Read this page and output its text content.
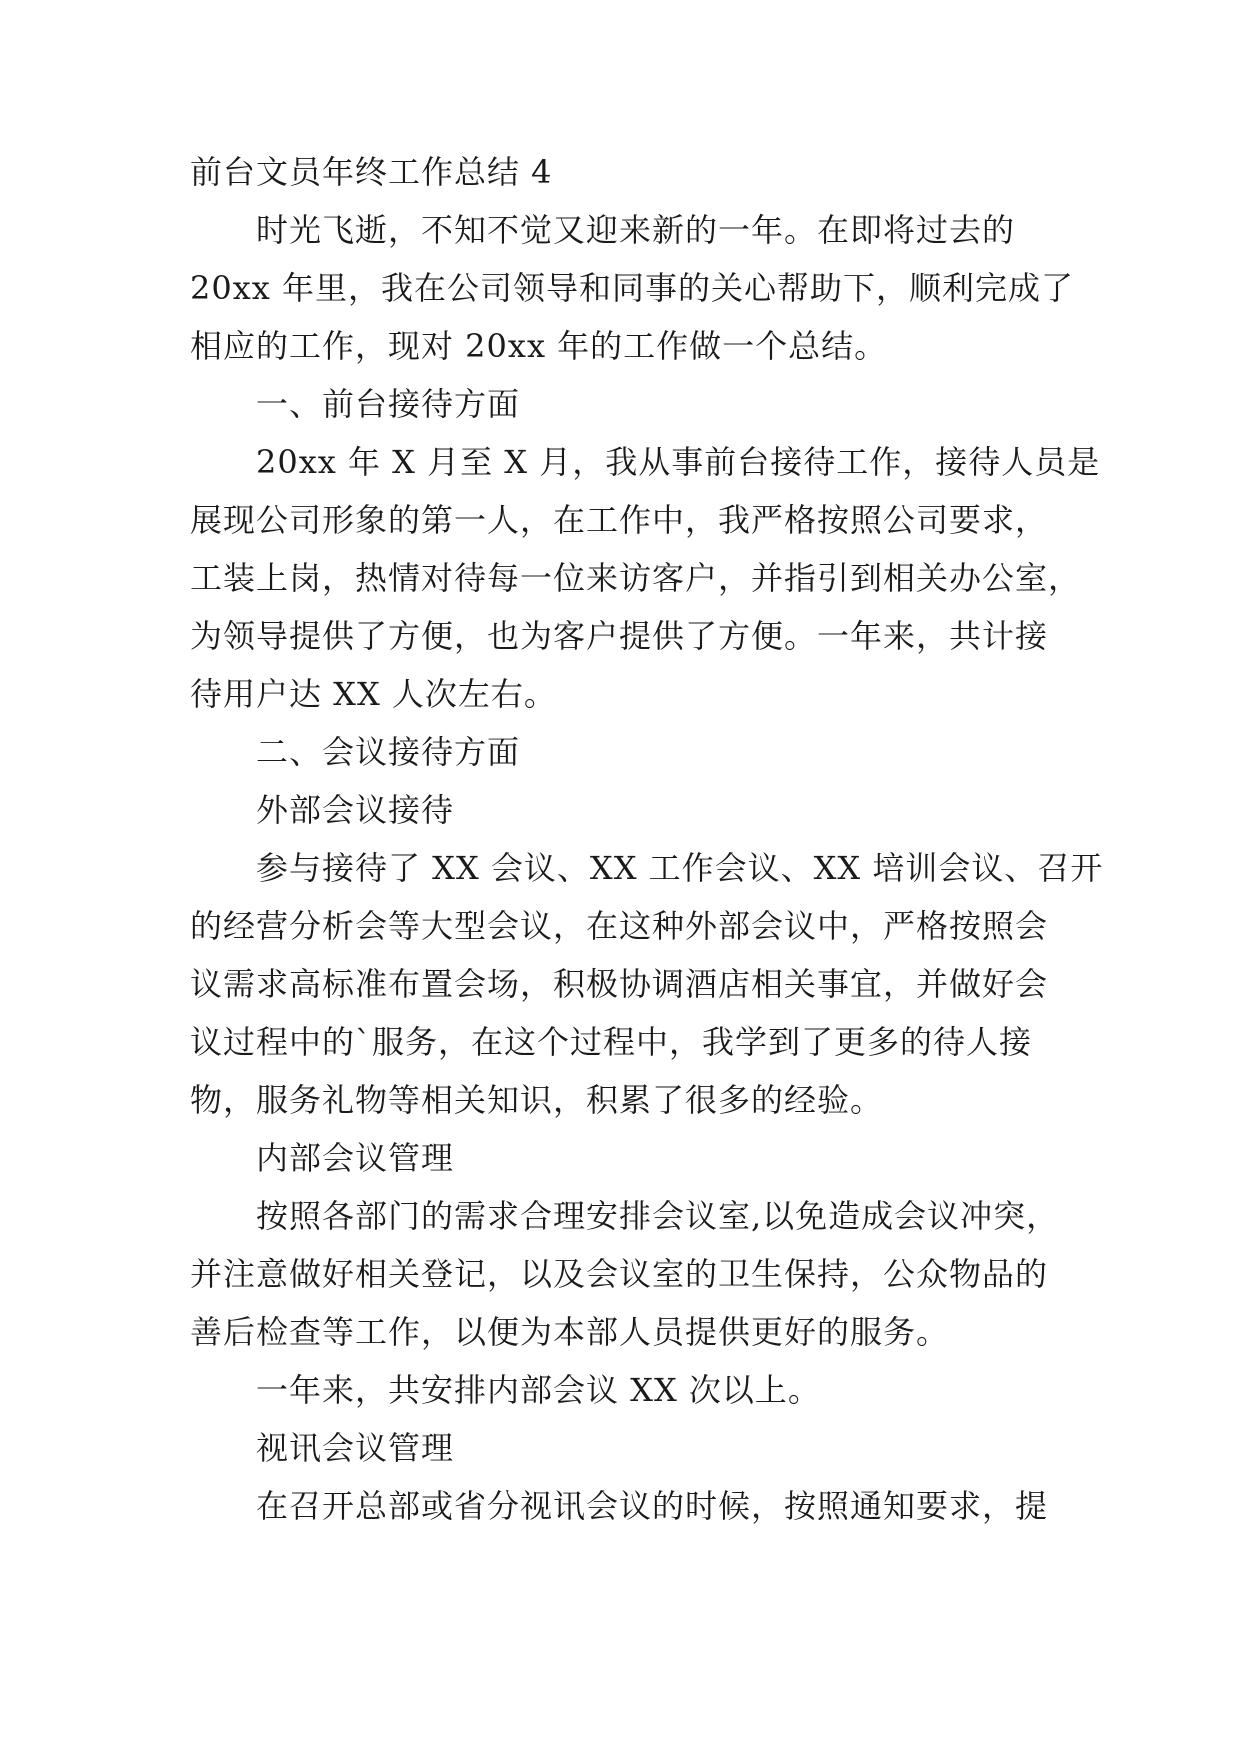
前台文员年终工作总结 4
时光飞逝，不知不觉又迎来新的一年。在即将过去的
20xx 年里，我在公司领导和同事的关心帮助下，顺利完成了
相应的工作，现对 20xx 年的工作做一个总结。
一、前台接待方面
20xx 年 X 月至 X 月，我从事前台接待工作，接待人员是
展现公司形象的第一人，在工作中，我严格按照公司要求，
工装上岗，热情对待每一位来访客户，并指引到相关办公室，
为领导提供了方便，也为客户提供了方便。一年来，共计接
待用户达 XX 人次左右。
二、会议接待方面
外部会议接待
参与接待了 XX 会议、XX 工作会议、XX 培训会议、召开
的经营分析会等大型会议，在这种外部会议中，严格按照会
议需求高标准布置会场，积极协调酒店相关事宜，并做好会
议过程中的`服务，在这个过程中，我学到了更多的待人接
物，服务礼物等相关知识，积累了很多的经验。
内部会议管理
按照各部门的需求合理安排会议室,以免造成会议冲突，
并注意做好相关登记，以及会议室的卫生保持，公众物品的
善后检查等工作，以便为本部人员提供更好的服务。
一年来，共安排内部会议 XX 次以上。
视讯会议管理
在召开总部或省分视讯会议的时候，按照通知要求，提
